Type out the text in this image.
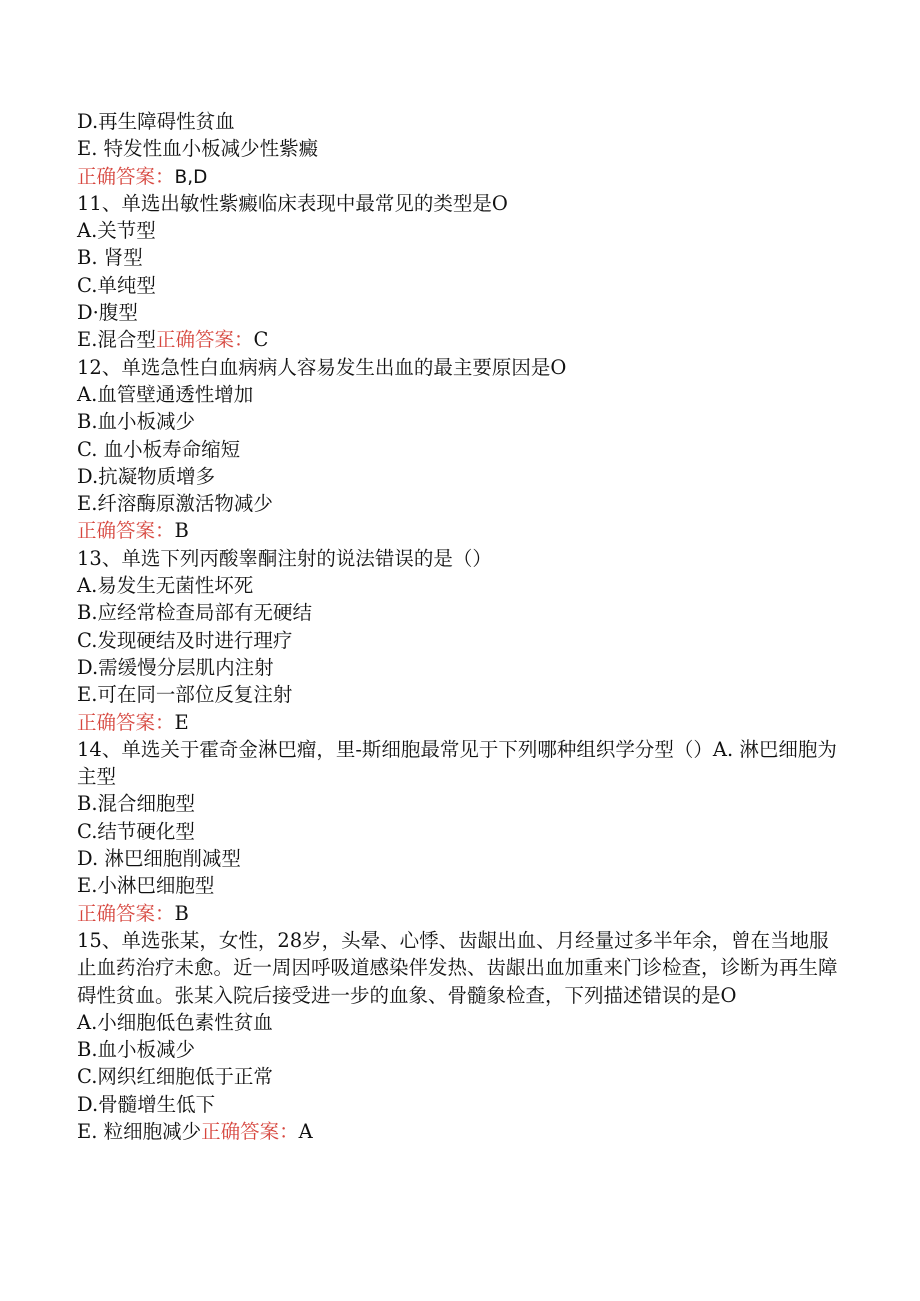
D.再生障碍性贫血
E. 特发性血小板减少性紫癜
正确答案：B,D
11、单选出敏性紫癜临床表现中最常见的类型是O
A.关节型
B. 肾型
C.单纯型
D·腹型
E.混合型正确答案：C
12、单选急性白血病病人容易发生出血的最主要原因是O
A.血管壁通透性增加
B.血小板减少
C. 血小板寿命缩短
D.抗凝物质增多
E.纤溶酶原激活物减少
正确答案：B
13、单选下列丙酸睾酮注射的说法错误的是（）
A.易发生无菌性坏死
B.应经常检查局部有无硬结
C.发现硬结及时进行理疗
D.需缓慢分层肌内注射
E.可在同一部位反复注射
正确答案：E
14、单选关于霍奇金淋巴瘤，里-斯细胞最常见于下列哪种组织学分型（）A. 淋巴细胞为主型
B.混合细胞型
C.结节硬化型
D. 淋巴细胞削减型
E.小淋巴细胞型
正确答案：B
15、单选张某，女性，28岁，头晕、心悸、齿龈出血、月经量过多半年余，曾在当地服止血药治疗未愈。近一周因呼吸道感染伴发热、齿龈出血加重来门诊检查，诊断为再生障碍性贫血。张某入院后接受进一步的血象、骨髓象检查，下列描述错误的是O
A.小细胞低色素性贫血
B.血小板减少
C.网织红细胞低于正常
D.骨髓增生低下
E. 粒细胞减少正确答案：A
